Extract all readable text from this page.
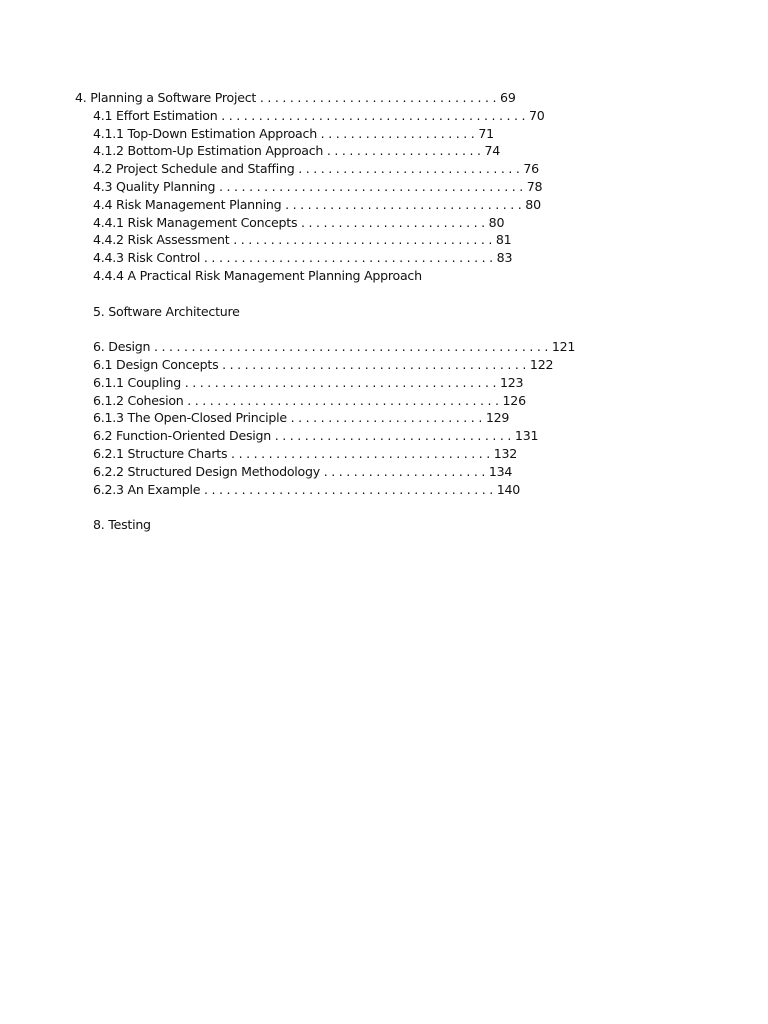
4. Planning a Software Project . . . . . . . . . . . . . . . . . . . . . . . . . . . . . . . . 69
4.1 Effort Estimation . . . . . . . . . . . . . . . . . . . . . . . . . . . . . . . . . . . . . . . . . 70
4.1.1 Top-Down Estimation Approach . . . . . . . . . . . . . . . . . . . . . 71
4.1.2 Bottom-Up Estimation Approach . . . . . . . . . . . . . . . . . . . . . 74
4.2 Project Schedule and Staffing . . . . . . . . . . . . . . . . . . . . . . . . . . . . . . 76
4.3 Quality Planning . . . . . . . . . . . . . . . . . . . . . . . . . . . . . . . . . . . . . . . . . 78
4.4 Risk Management Planning . . . . . . . . . . . . . . . . . . . . . . . . . . . . . . . . 80
4.4.1 Risk Management Concepts . . . . . . . . . . . . . . . . . . . . . . . . . 80
4.4.2 Risk Assessment . . . . . . . . . . . . . . . . . . . . . . . . . . . . . . . . . . . 81
4.4.3 Risk Control . . . . . . . . . . . . . . . . . . . . . . . . . . . . . . . . . . . . . . . 83
4.4.4 A Practical Risk Management Planning Approach
5. Software Architecture
6. Design . . . . . . . . . . . . . . . . . . . . . . . . . . . . . . . . . . . . . . . . . . . . . . . . . . . . . 121
6.1 Design Concepts . . . . . . . . . . . . . . . . . . . . . . . . . . . . . . . . . . . . . . . . . 122
6.1.1 Coupling . . . . . . . . . . . . . . . . . . . . . . . . . . . . . . . . . . . . . . . . . . 123
6.1.2 Cohesion . . . . . . . . . . . . . . . . . . . . . . . . . . . . . . . . . . . . . . . . . . 126
6.1.3 The Open-Closed Principle . . . . . . . . . . . . . . . . . . . . . . . . . . 129
6.2 Function-Oriented Design . . . . . . . . . . . . . . . . . . . . . . . . . . . . . . . . 131
6.2.1 Structure Charts . . . . . . . . . . . . . . . . . . . . . . . . . . . . . . . . . . . 132
6.2.2 Structured Design Methodology . . . . . . . . . . . . . . . . . . . . . . 134
6.2.3 An Example . . . . . . . . . . . . . . . . . . . . . . . . . . . . . . . . . . . . . . . 140
8. Testing
